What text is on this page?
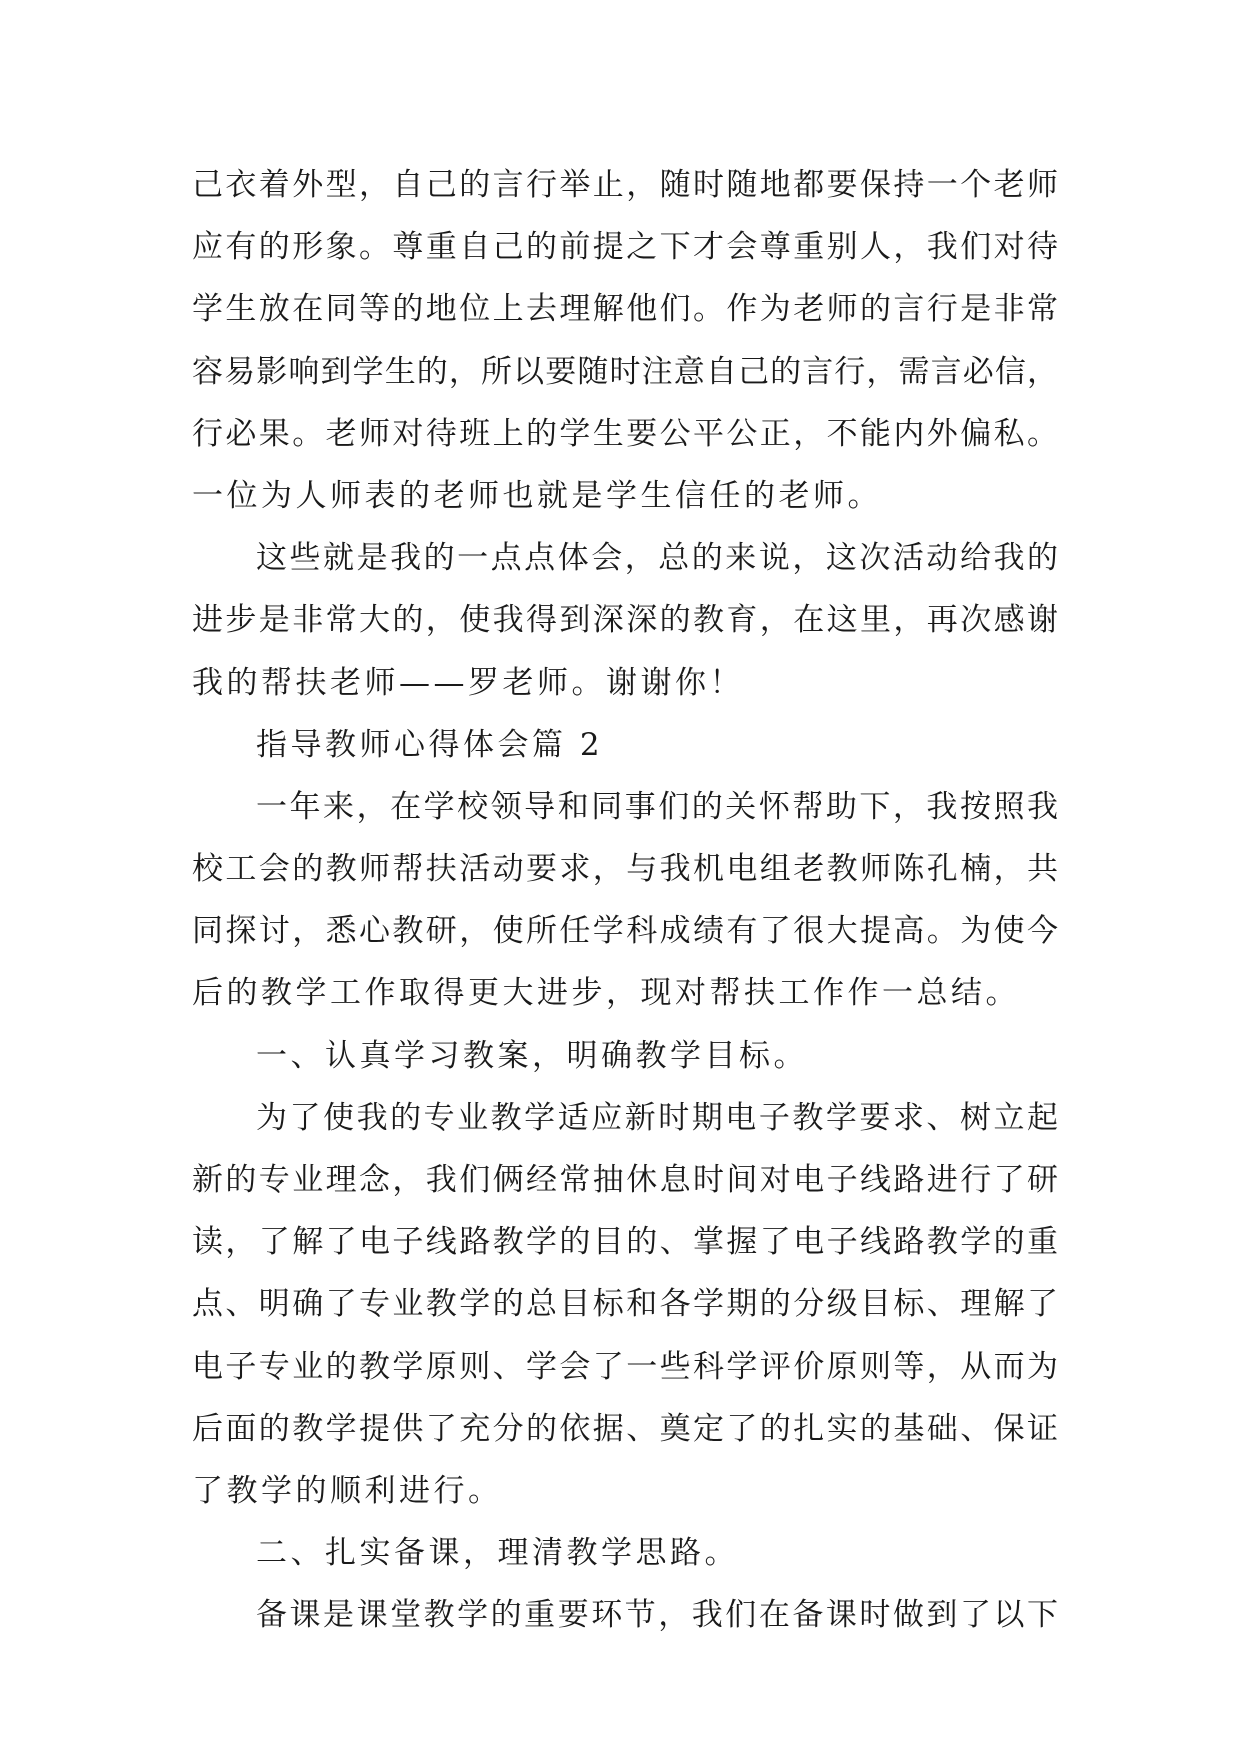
己衣着外型，自己的言行举止，随时随地都要保持一个老师
应有的形象。尊重自己的前提之下才会尊重别人，我们对待
学生放在同等的地位上去理解他们。作为老师的言行是非常
容易影响到学生的，所以要随时注意自己的言行，需言必信，
行必果。老师对待班上的学生要公平公正，不能内外偏私。
一位为人师表的老师也就是学生信任的老师。
这些就是我的一点点体会，总的来说，这次活动给我的
进步是非常大的，使我得到深深的教育，在这里，再次感谢
我的帮扶老师——罗老师。谢谢你！
指导教师心得体会篇 2
一年来，在学校领导和同事们的关怀帮助下，我按照我
校工会的教师帮扶活动要求，与我机电组老教师陈孔楠，共
同探讨，悉心教研，使所任学科成绩有了很大提高。为使今
后的教学工作取得更大进步，现对帮扶工作作一总结。
一、认真学习教案，明确教学目标。
为了使我的专业教学适应新时期电子教学要求、树立起
新的专业理念，我们俩经常抽休息时间对电子线路进行了研
读，了解了电子线路教学的目的、掌握了电子线路教学的重
点、明确了专业教学的总目标和各学期的分级目标、理解了
电子专业的教学原则、学会了一些科学评价原则等，从而为
后面的教学提供了充分的依据、奠定了的扎实的基础、保证
了教学的顺利进行。
二、扎实备课，理清教学思路。
备课是课堂教学的重要环节，我们在备课时做到了以下
